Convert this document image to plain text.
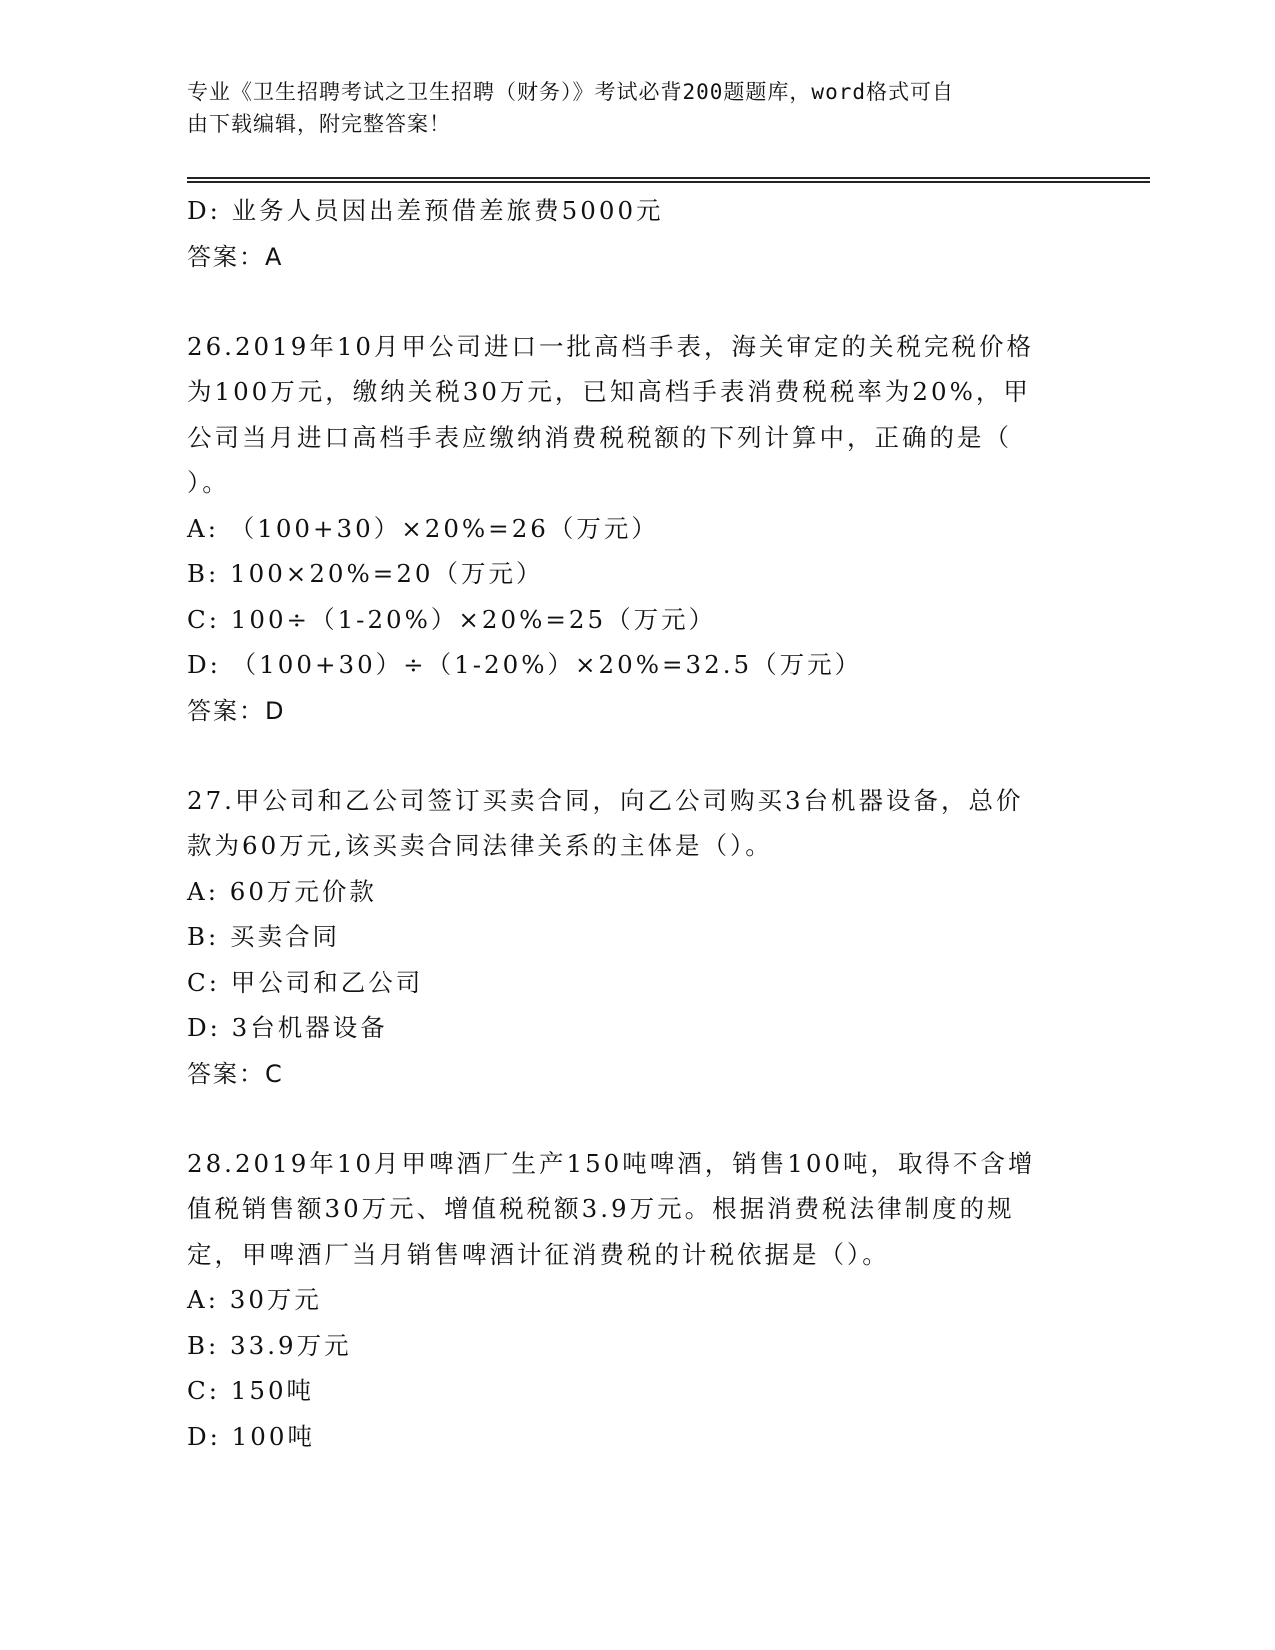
专业《卫生招聘考试之卫生招聘（财务）》考试必背200题题库，word格式可自
由下载编辑，附完整答案！
D: 业务人员因出差预借差旅费5000元
答案：A
26.2019年10月甲公司进口一批高档手表，海关审定的关税完税价格
为100万元，缴纳关税30万元，已知高档手表消费税税率为20%，甲
公司当月进口高档手表应缴纳消费税税额的下列计算中，正确的是（
）。
A: （100+30）×20%=26（万元）
B: 100×20%=20（万元）
C: 100÷（1-20%）×20%=25（万元）
D: （100+30）÷（1-20%）×20%=32.5（万元）
答案：D
27.甲公司和乙公司签订买卖合同，向乙公司购买3台机器设备，总价
款为60万元,该买卖合同法律关系的主体是（）。
A: 60万元价款
B: 买卖合同
C: 甲公司和乙公司
D: 3台机器设备
答案：C
28.2019年10月甲啤酒厂生产150吨啤酒，销售100吨，取得不含增
值税销售额30万元、增值税税额3.9万元。根据消费税法律制度的规
定，甲啤酒厂当月销售啤酒计征消费税的计税依据是（）。
A: 30万元
B: 33.9万元
C: 150吨
D: 100吨
